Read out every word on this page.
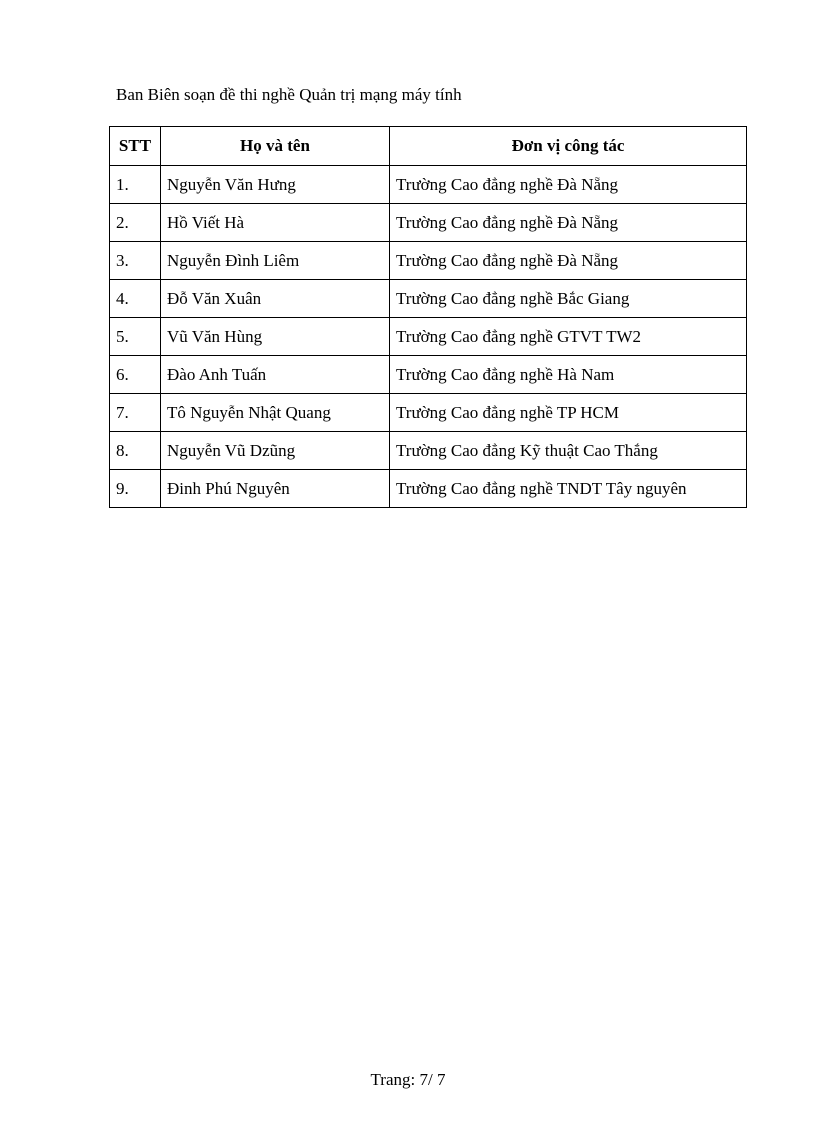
Ban Biên soạn đề thi nghề Quản trị mạng máy tính

STT	Họ và tên	Đơn vị công tác
1.	Nguyễn Văn Hưng	Trường Cao đẳng nghề Đà Nẵng
2.	Hồ Viết Hà	Trường Cao đẳng nghề Đà Nẵng
3.	Nguyễn Đình Liêm	Trường Cao đẳng nghề Đà Nẵng
4.	Đỗ Văn Xuân	Trường Cao đẳng nghề Bắc Giang
5.	Vũ Văn Hùng	Trường Cao đẳng nghề GTVT TW2
6.	Đào Anh Tuấn	Trường Cao đẳng nghề Hà Nam
7.	Tô Nguyễn Nhật Quang	Trường Cao đẳng nghề TP HCM
8.	Nguyễn Vũ Dzũng	Trường Cao đẳng Kỹ thuật Cao Thắng
9.	Đinh Phú Nguyên	Trường Cao đẳng nghề TNDT Tây nguyên
Trang: 7/ 7
